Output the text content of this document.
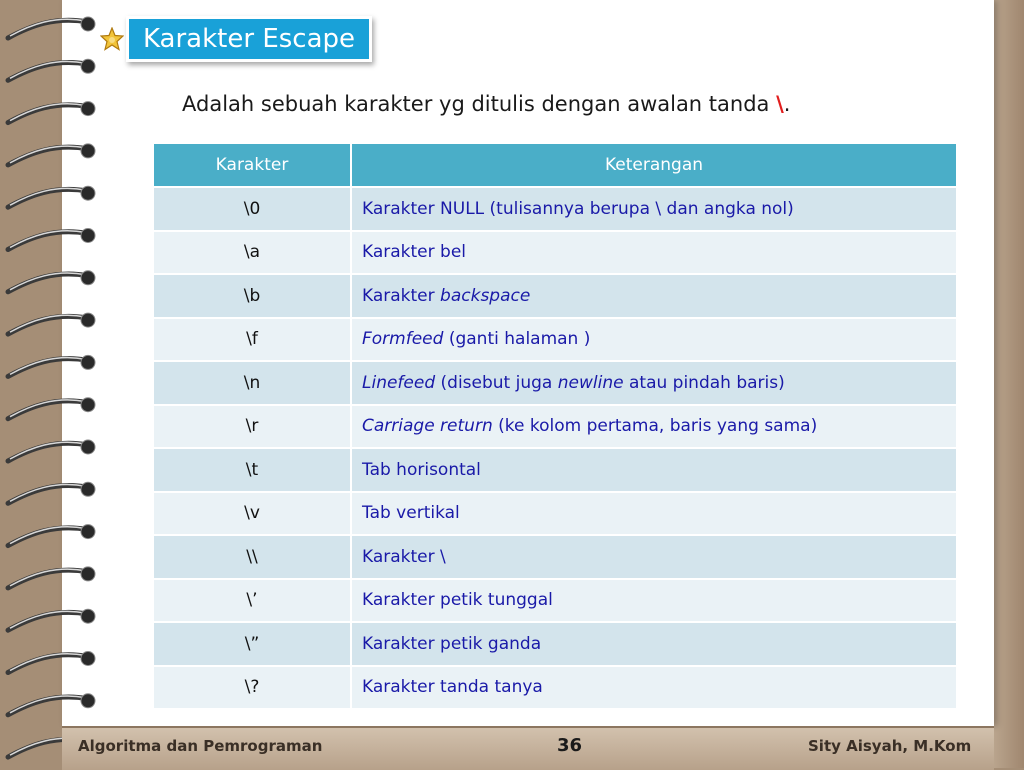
Karakter Escape
Adalah sebuah karakter yg ditulis dengan awalan tanda \.
Karakter	Keterangan
\0	Karakter NULL (tulisannya berupa \ dan angka nol)
\a	Karakter bel
\b	Karakter backspace
\f	Formfeed (ganti halaman )
\n	Linefeed (disebut juga newline atau pindah baris)
\r	Carriage return (ke kolom pertama, baris yang sama)
\t	Tab horisontal
\v	Tab vertikal
\\	Karakter \
\’	Karakter petik tunggal
\”	Karakter petik ganda
\?	Karakter tanda tanya
Algoritma dan Pemrograman	36	Sity Aisyah, M.Kom
